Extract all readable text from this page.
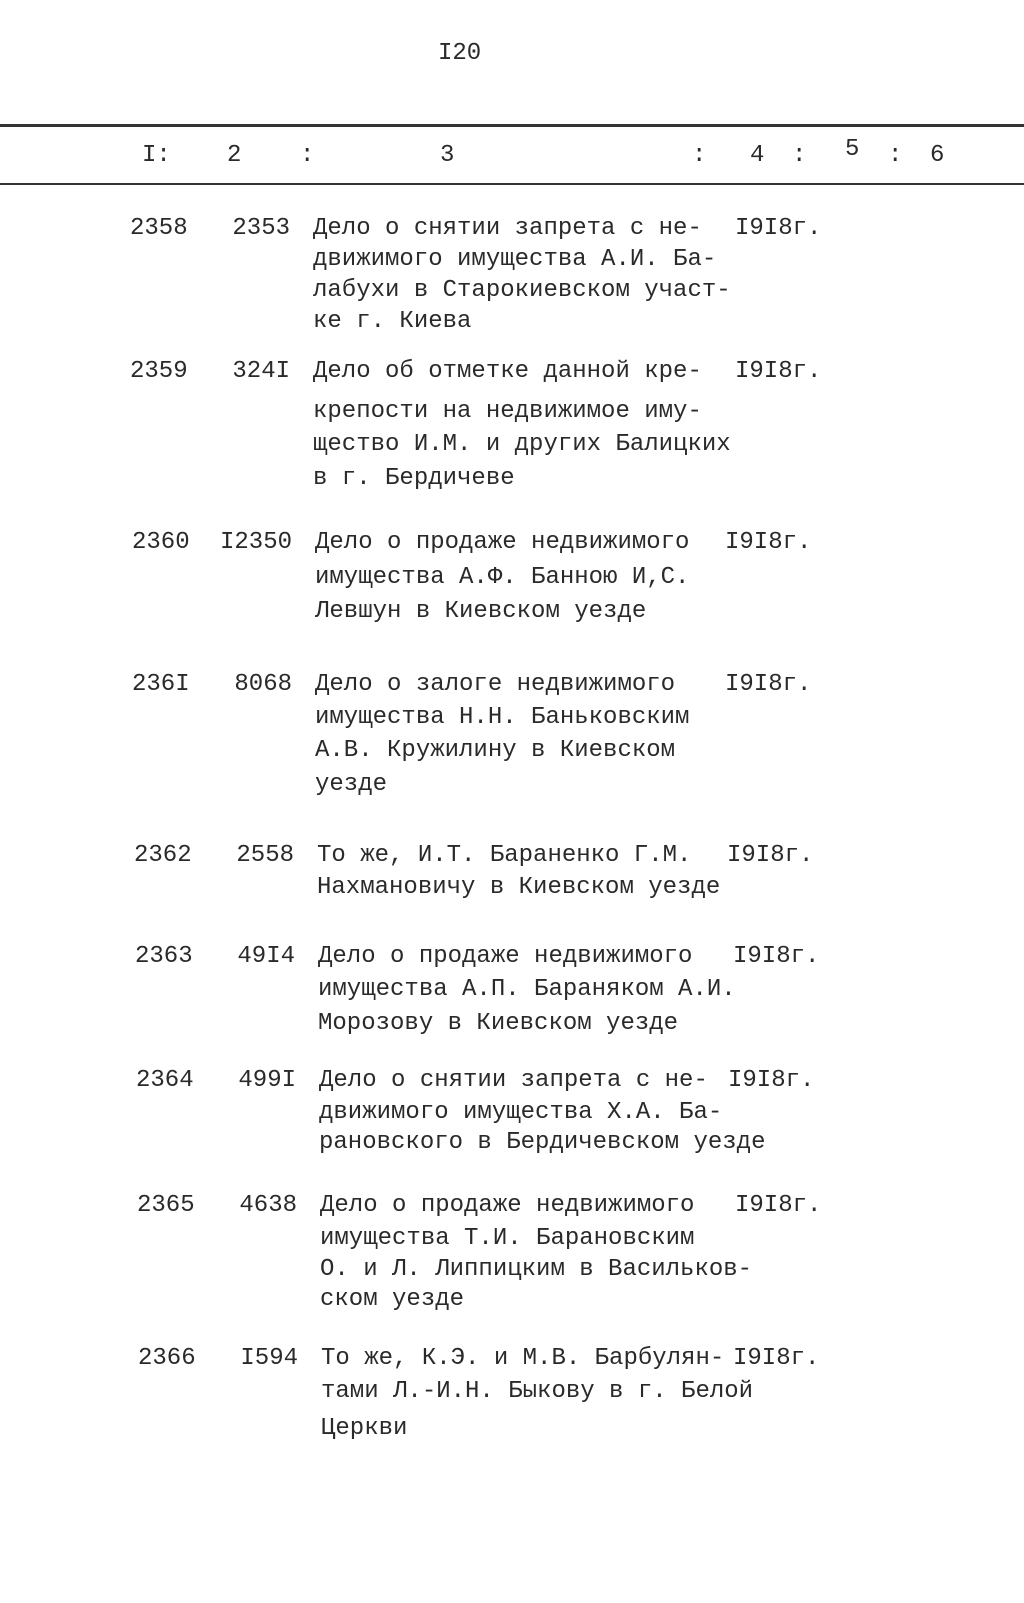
I20
I: 2 :	3	: 4 : 5 : 6
2358	2353 Дело о снятии запрета с не-
движимого имущества А.И. Ба-
лабухи в Старокиевском участ-
ке г. Киева
I9I8г.
2359	324I Дело об отметке данной кре-
крепости на недвижимое иму-
щество И.М. и других Балицких
в г. Бердичеве
I9I8г.
2360	I2350 Дело о продаже недвижимого
имущества А.Ф. Банною И,С.
Левшун в Киевском уезде
I9I8г.
236I	8068 Дело о залоге недвижимого
имущества Н.Н. Баньковским
А.В. Кружилину в Киевском
уезде
I9I8г.
2362	2558 То же, И.Т. Бараненко Г.М.
Нахмановичу в Киевском уезде
I9I8г.
2363	49I4 Дело о продаже недвижимого
имущества А.П. Бараняком А.И.
Морозову в Киевском уезде
I9I8г.
2364	499I Дело о снятии запрета с не-
движимого имущества Х.А. Ба-
рановского в Бердичевском уезде
I9I8г.
2365	4638 Дело о продаже недвижимого
имущества Т.И. Барановским
О. и Л. Липпицким в Васильков-
ском уезде
I9I8г.
2366	I594 То же, К.Э. и М.В. Барбулян-
тами Л.-И.Н. Быкову в г. Белой
Церкви
I9I8г.
